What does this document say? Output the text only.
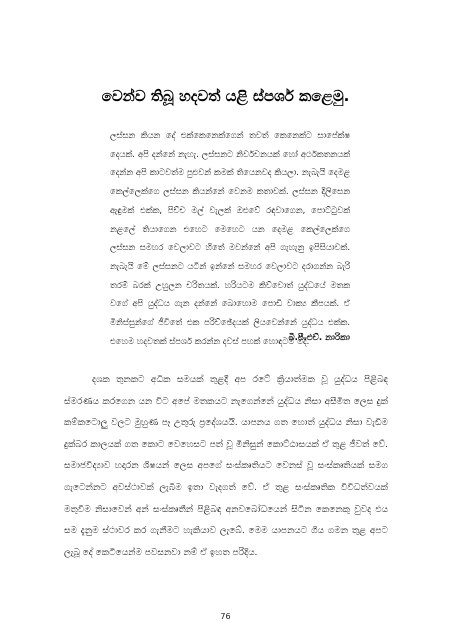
වෙන්ව තිබූ හදවත් යළි ස්පර්ශ කළෙමු.

ලස්සන කියන දේ එක්කෙනෙක්ගෙන් තවත් කෙනෙක්ට සාපේක්ෂ දෙයක්. අපි දන්නේ නැහැ. ලස්සනට නිර්වචනයක් හෝ අර්ථකතනයක් දෙන්න අපි කාටවත්ම පුළුවන් කමක් තියෙනවද කියලා. නැබැයි දෙමළ කෙල්ලෙක්ගෙ ලස්සන කියන්නේ වෙනම කතාවක්. ලස්සන දිලිසෙන ඇඳුමක් එක්ක, පිච්ච මල් වැලක් ඔළුවේ රඳවාගෙන, පොට්ටුවක් නළලේ තියාගෙන එහෙට මෙහෙට යන දෙමළ කෙල්ලෙක්ගෙ ලස්සන සමහර වෙලාවට හිතේ මවන්නේ අපි ගැහැනු ඉපිසියාවක්. නැබැයි මේ ලස්සනට යටින් ඉන්නේ සමහර වෙලාවට දරාගන්න බැරි තරම් බරක් උහුලන චරිතයක්. හරියටම කිව්වොත් යුද්ධයේ මතක වගේ අපි යුද්ධය ගැන දන්නේ බොහොම පොඩි වාක්‍ය කීපයක්. ඒ මිනිස්සුන්ගේ ජීවිතේ එක පරිච්ඡේදයක් ලියවෙන්නේ යුද්ධය එක්ක. එහෙම හදවතක් ස්පර්ශ කරන්න දවස් පහක් හොඳටම මදි.

බී.පී.එච්. නාරිකා

දශක තුනකට අධික සමයක් තුළදී අප රටේ ක්‍රියාත්මක වූ යුද්ධය පිළිබඳ ස්මරණය කරගෙන යන විට අපේ මතකයට නැගෙන්නේ යුද්ධය නිසා අසීමිත ලෙස දුක් කම්කටොලු වලට මුහුණ පෑ උතුරු ප්‍රදේශයයි. යාපනය ගත හොත් යුද්ධය නිසා වැඩිම දුක්බර කාලයක් ගත කොට වෙහෙසට පත් වූ මිනිසුන් කොට්ඨාසයක් ඒ තුළ ජීවත් වේ. සමාජවිද්‍යාව හදාරන ශිෂයන් ලෙස අපගේ සංස්කෘතියට වෙනස් වූ සංස්කෘතියක් සමග ගැටෙන්නට අවස්ථාවක් ලැබීම ඉතා වැදගත් වේ. ඒ තුළ සංස්කෘතික විවිධත්වයක් මතුවීම නිසාවෙන් අන් සංස්කෘතීන් පිළිබඳ අනවබෝධයෙන් සිටින කෙනෙකු වුවද එය සම දැනුම ස්ථාවර කර ගැනීමට හැකියාව ලැබේ. මෙම යාපනයට ගිය ගමන තුළ අපට ලැබූ දේ කෙටියෙන්ම පවසනවා නම් ඒ ඉහත පරිදිය.

76
